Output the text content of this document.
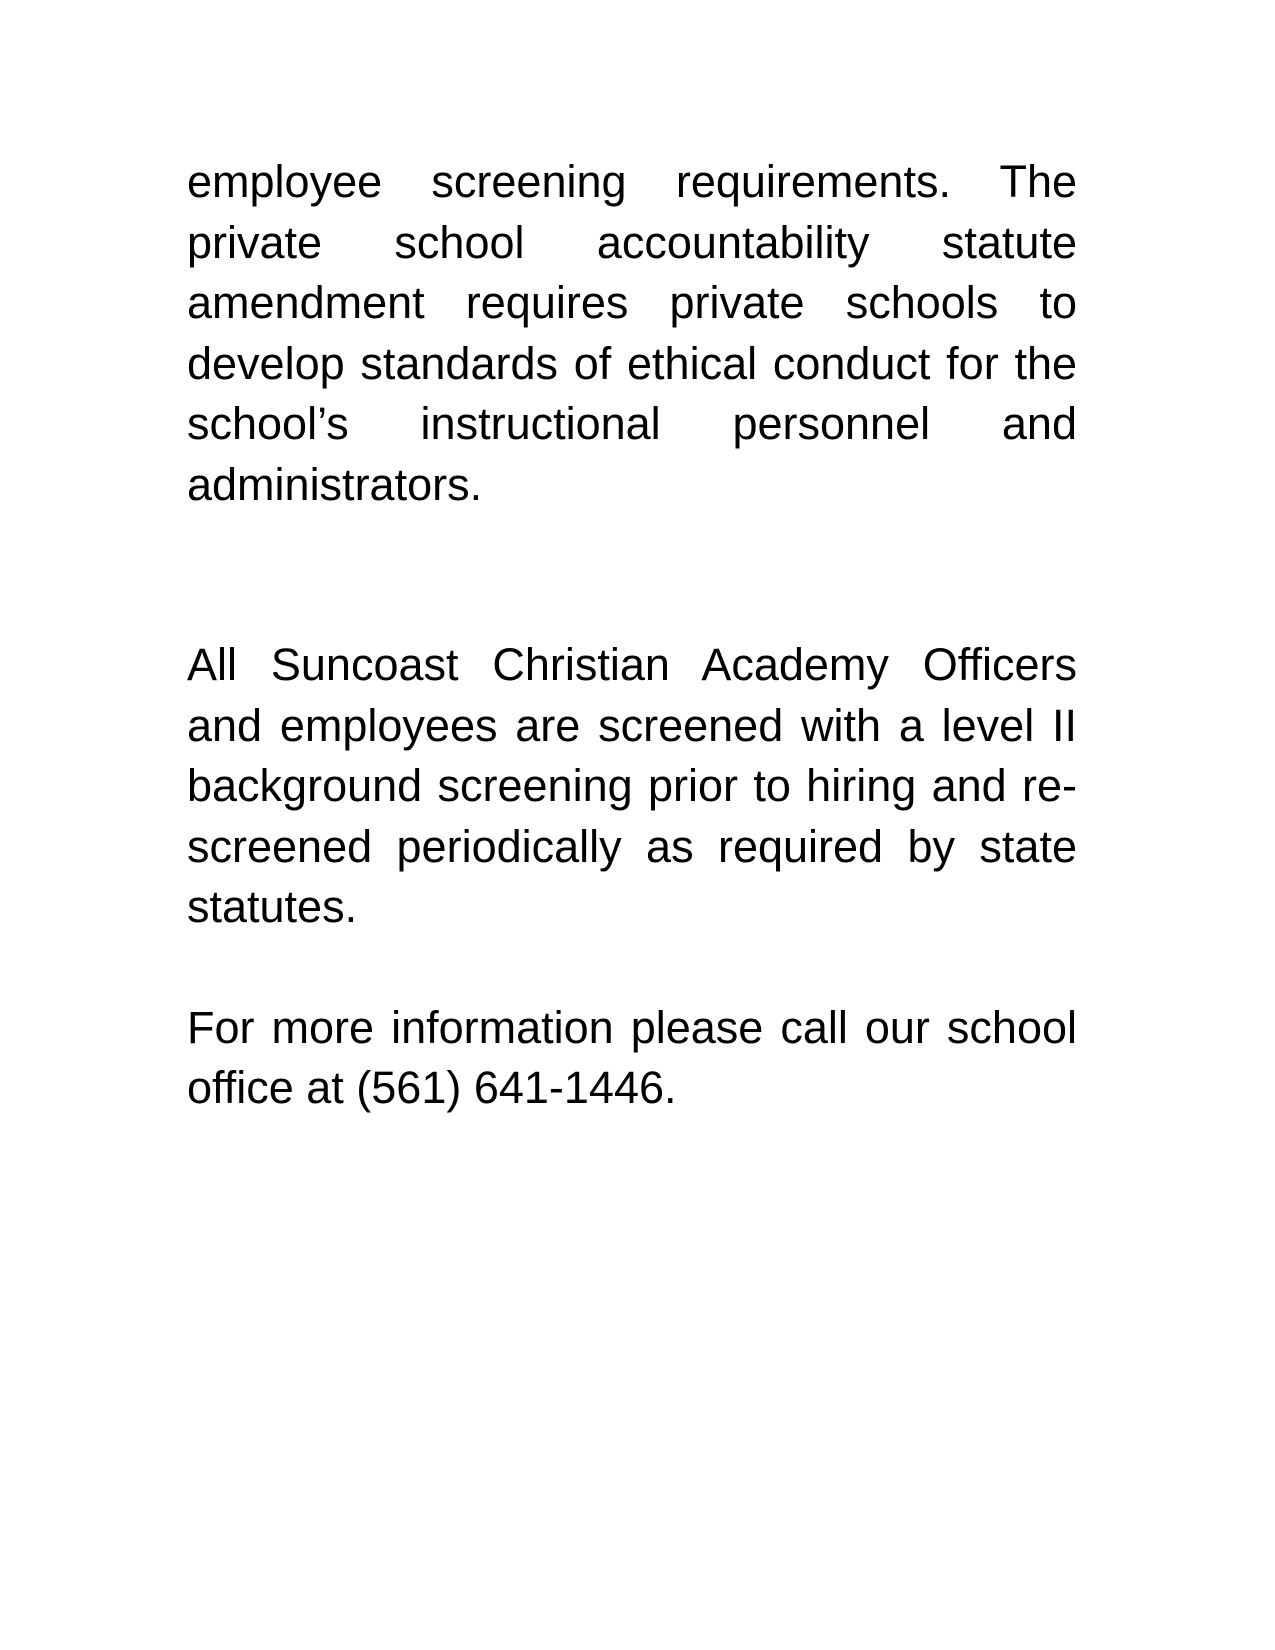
employee screening requirements. The private school accountability statute amendment requires private schools to develop standards of ethical conduct for the school’s instructional personnel and administrators.

All Suncoast Christian Academy Officers and employees are screened with a level II background screening prior to hiring and re-screened periodically as required by state statutes.

For more information please call our school office at (561) 641-1446.
